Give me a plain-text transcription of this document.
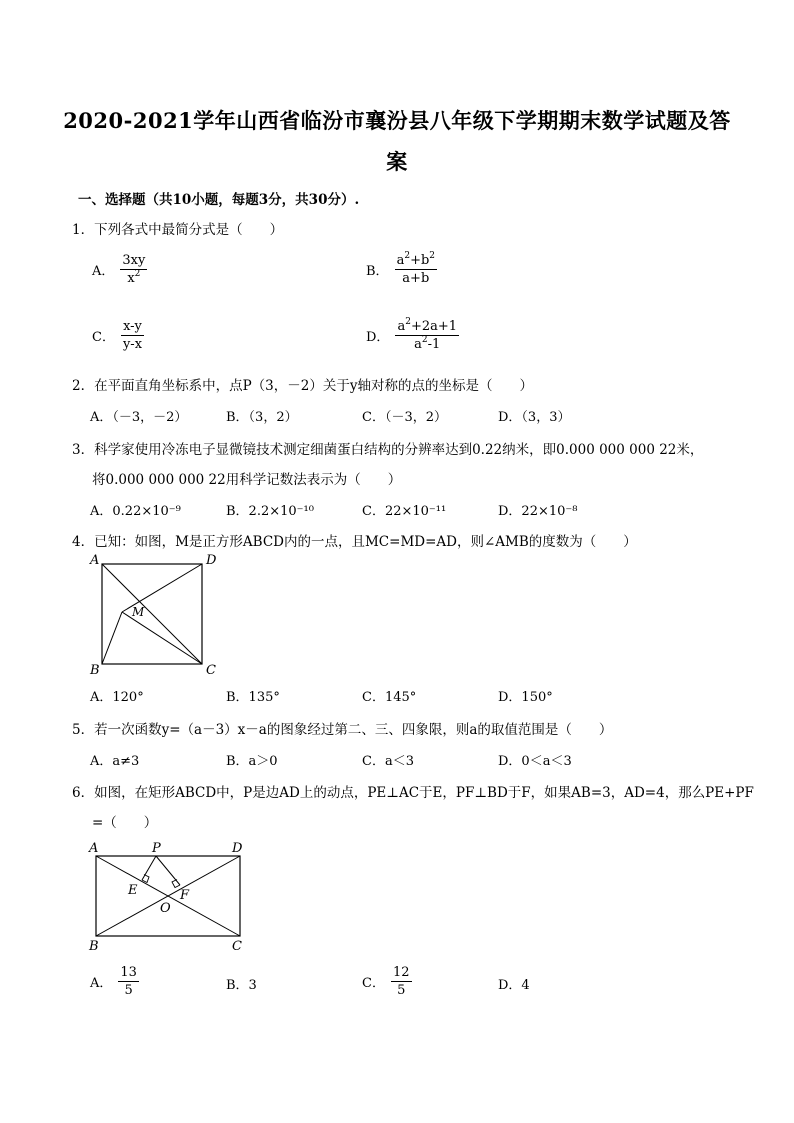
2020-2021学年山西省临汾市襄汾县八年级下学期期末数学试题及答
案
一、选择题（共10小题，每题3分，共30分）.
1．下列各式中最简分式是（　　）
A． $\frac{3xy}{x^2}$	B． $\frac{a^2+b^2}{a+b}$
C． $\frac{x-y}{y-x}$	D． $\frac{a^2+2a+1}{a^2-1}$
2．在平面直角坐标系中，点P（3，－2）关于y轴对称的点的坐标是（　　）
A．（－3，－2）	B．（3，2）	C．（－3，2）	D．（3，3）
3．科学家使用冷冻电子显微镜技术测定细菌蛋白结构的分辨率达到0.22纳米，即0.000 000 000 22米，
将0.000 000 000 22用科学记数法表示为（　　）
A．0.22×10⁻⁹	B．2.2×10⁻¹⁰	C．22×10⁻¹¹	D．22×10⁻⁸
4．已知：如图，M是正方形ABCD内的一点，且MC=MD=AD，则∠AMB的度数为（　　）
A	D
B	C
M
A．120°	B．135°	C．145°	D．150°
5．若一次函数y=（a－3）x－a的图象经过第二、三、四象限，则a的取值范围是（　　）
A．a≠3	B．a＞0	C．a＜3	D．0＜a＜3
6．如图，在矩形ABCD中，P是边AD上的动点，PE⊥AC于E，PF⊥BD于F，如果AB=3，AD=4，那么PE+PF
=（　　）
A	P	D
E	F
O
B	C
A． $\frac{13}{5}$	B．3	C． $\frac{12}{5}$	D．4
